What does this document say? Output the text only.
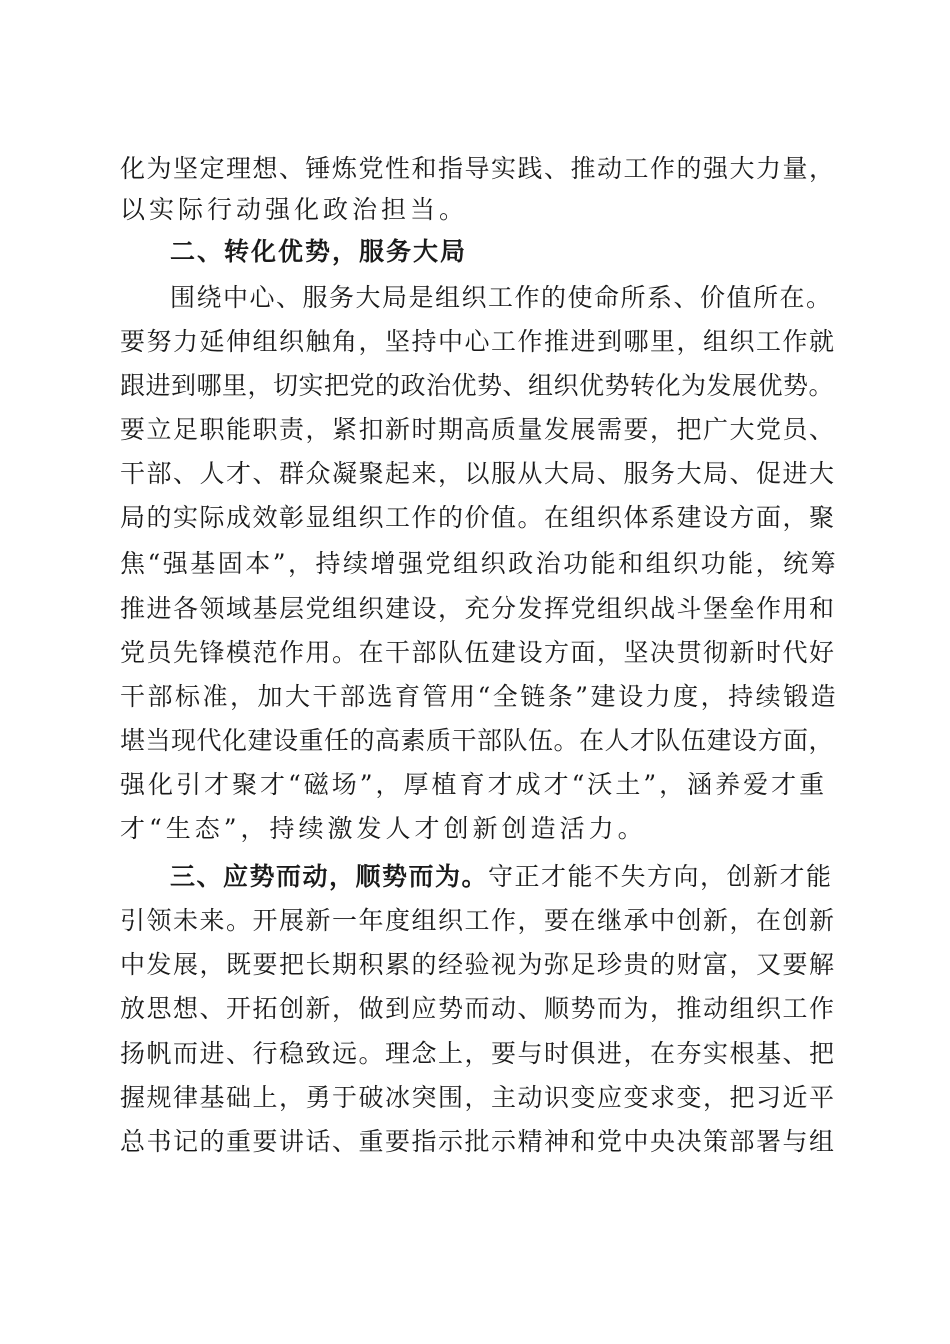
化为坚定理想、锤炼党性和指导实践、推动工作的强大力量，
以实际行动强化政治担当。
二、转化优势，服务大局
围绕中心、服务大局是组织工作的使命所系、价值所在。
要努力延伸组织触角，坚持中心工作推进到哪里，组织工作就
跟进到哪里，切实把党的政治优势、组织优势转化为发展优势。
要立足职能职责，紧扣新时期高质量发展需要，把广大党员、
干部、人才、群众凝聚起来，以服从大局、服务大局、促进大
局的实际成效彰显组织工作的价值。在组织体系建设方面，聚
焦“强基固本”，持续增强党组织政治功能和组织功能，统筹
推进各领域基层党组织建设，充分发挥党组织战斗堡垒作用和
党员先锋模范作用。在干部队伍建设方面，坚决贯彻新时代好
干部标准，加大干部选育管用“全链条”建设力度，持续锻造
堪当现代化建设重任的高素质干部队伍。在人才队伍建设方面，
强化引才聚才“磁场”，厚植育才成才“沃土”，涵养爱才重
才“生态”，持续激发人才创新创造活力。
三、应势而动，顺势而为。守正才能不失方向，创新才能
引领未来。开展新一年度组织工作，要在继承中创新，在创新
中发展，既要把长期积累的经验视为弥足珍贵的财富，又要解
放思想、开拓创新，做到应势而动、顺势而为，推动组织工作
扬帆而进、行稳致远。理念上，要与时俱进，在夯实根基、把
握规律基础上，勇于破冰突围，主动识变应变求变，把习近平
总书记的重要讲话、重要指示批示精神和党中央决策部署与组
